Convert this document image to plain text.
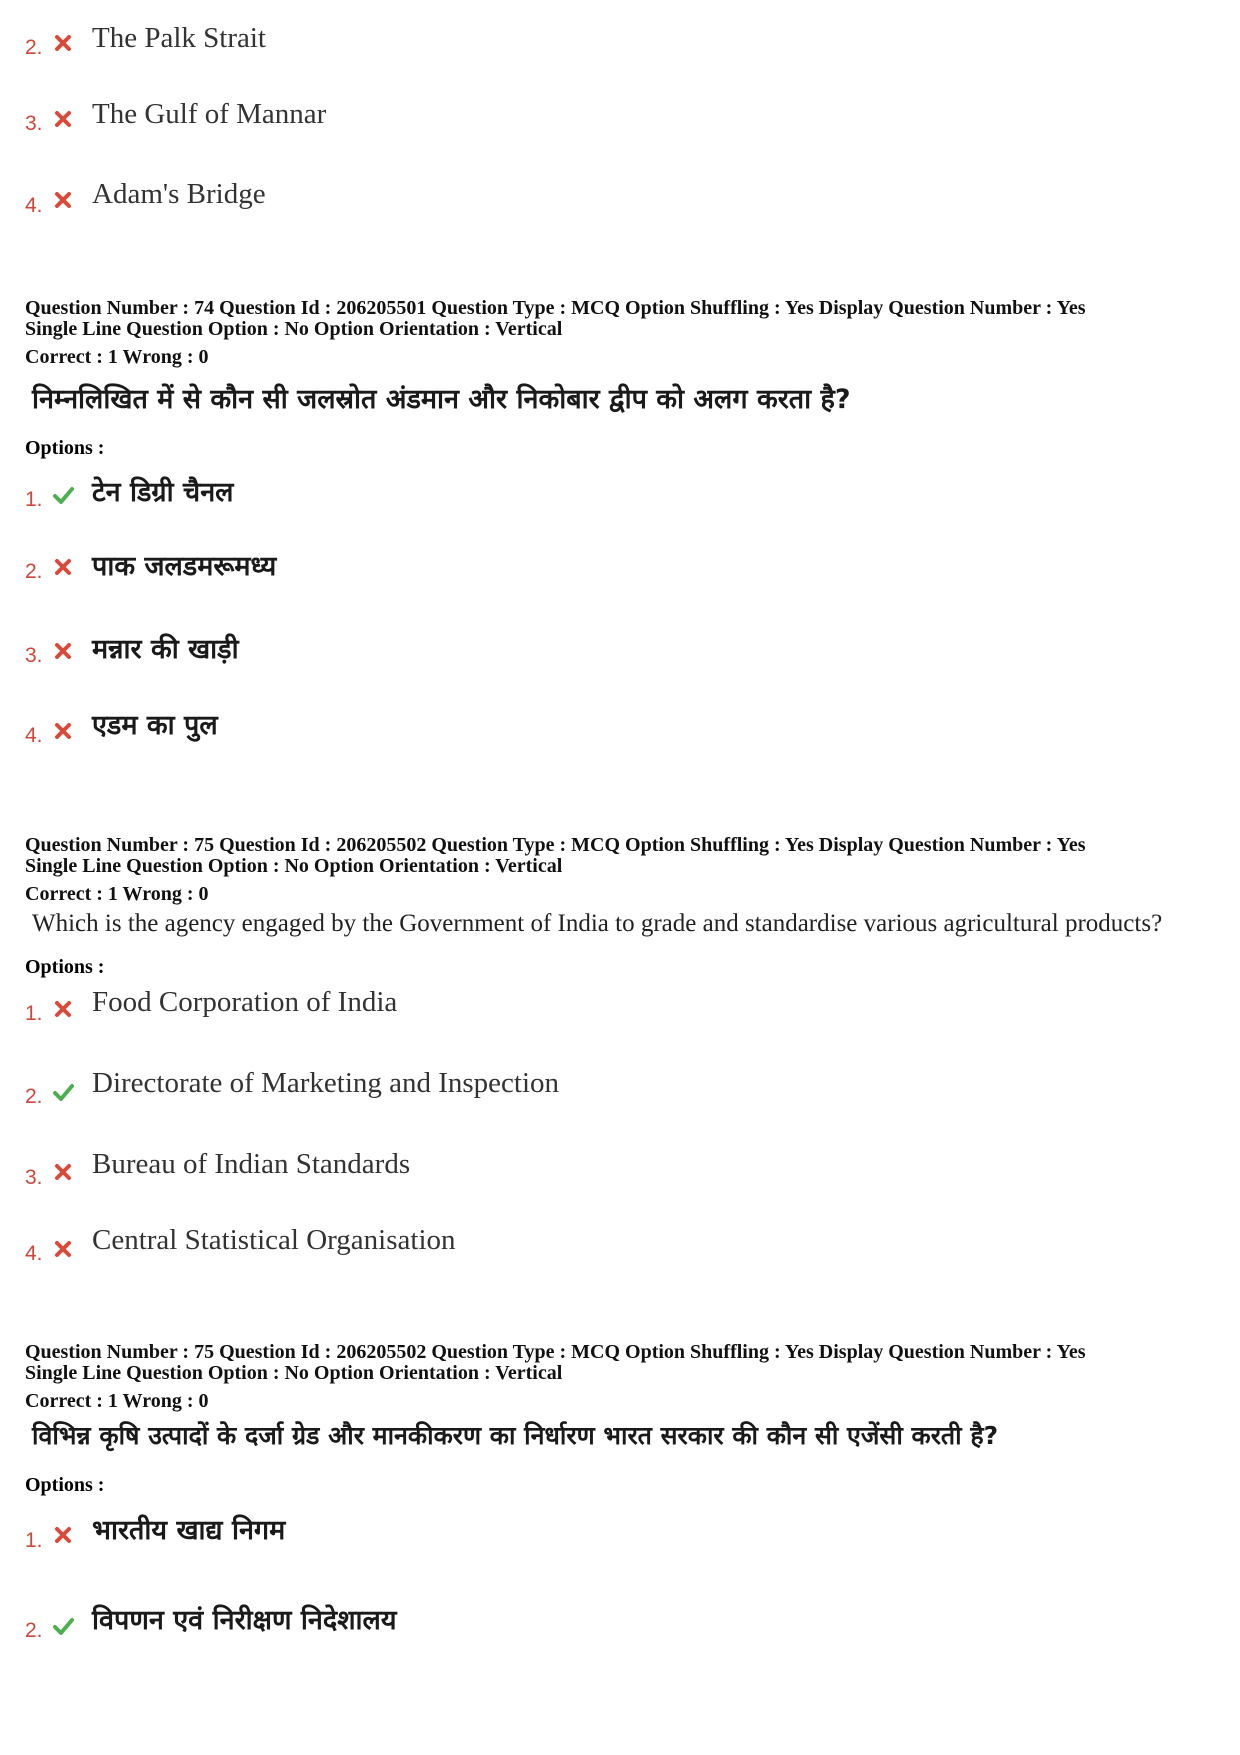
2. The Palk Strait
3. The Gulf of Mannar
4. Adam's Bridge
Question Number : 74 Question Id : 206205501 Question Type : MCQ Option Shuffling : Yes Display Question Number : Yes
Single Line Question Option : No Option Orientation : Vertical
Correct : 1 Wrong : 0
निम्नलिखित में से कौन सी जलस्रोत अंडमान और निकोबार द्वीप को अलग करता है?
Options :
1. टेन डिग्री चैनल
2. पाक जलडमरूमध्य
3. मन्नार की खाड़ी
4. एडम का पुल
Question Number : 75 Question Id : 206205502 Question Type : MCQ Option Shuffling : Yes Display Question Number : Yes
Single Line Question Option : No Option Orientation : Vertical
Correct : 1 Wrong : 0
Which is the agency engaged by the Government of India to grade and standardise various agricultural products?
Options :
1. Food Corporation of India
2. Directorate of Marketing and Inspection
3. Bureau of Indian Standards
4. Central Statistical Organisation
Question Number : 75 Question Id : 206205502 Question Type : MCQ Option Shuffling : Yes Display Question Number : Yes
Single Line Question Option : No Option Orientation : Vertical
Correct : 1 Wrong : 0
विभिन्न कृषि उत्पादों के दर्जा ग्रेड और मानकीकरण का निर्धारण भारत सरकार की कौन सी एजेंसी करती है?
Options :
1. भारतीय खाद्य निगम
2. विपणन एवं निरीक्षण निदेशालय
